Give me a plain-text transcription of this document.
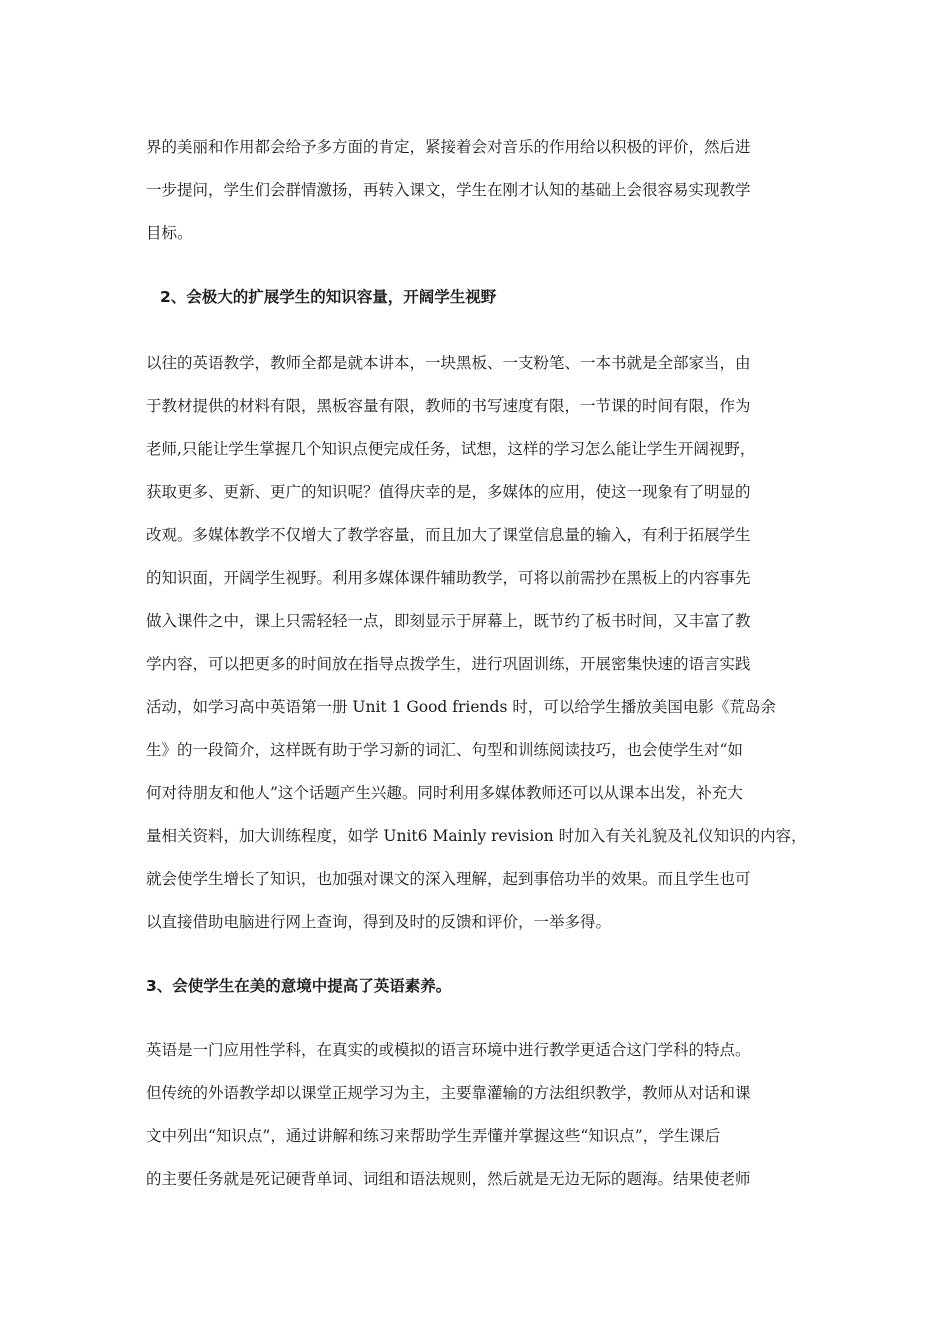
界的美丽和作用都会给予多方面的肯定，紧接着会对音乐的作用给以积极的评价，然后进
一步提问，学生们会群情激扬，再转入课文，学生在刚才认知的基础上会很容易实现教学
目标。

2、会极大的扩展学生的知识容量，开阔学生视野

以往的英语教学，教师全都是就本讲本，一块黑板、一支粉笔、一本书就是全部家当，由
于教材提供的材料有限，黑板容量有限，教师的书写速度有限，一节课的时间有限，作为
老师,只能让学生掌握几个知识点便完成任务，试想，这样的学习怎么能让学生开阔视野，
获取更多、更新、更广的知识呢？值得庆幸的是，多媒体的应用，使这一现象有了明显的
改观。多媒体教学不仅增大了教学容量，而且加大了课堂信息量的输入，有利于拓展学生
的知识面，开阔学生视野。利用多媒体课件辅助教学，可将以前需抄在黑板上的内容事先
做入课件之中，课上只需轻轻一点，即刻显示于屏幕上，既节约了板书时间，又丰富了教
学内容，可以把更多的时间放在指导点拨学生，进行巩固训练，开展密集快速的语言实践
活动，如学习高中英语第一册 Unit 1 Good friends 时，可以给学生播放美国电影《荒岛余
生》的一段简介，这样既有助于学习新的词汇、句型和训练阅读技巧，也会使学生对“如
何对待朋友和他人”这个话题产生兴趣。同时利用多媒体教师还可以从课本出发，补充大
量相关资料，加大训练程度，如学 Unit6 Mainly revision 时加入有关礼貌及礼仪知识的内容，
就会使学生增长了知识，也加强对课文的深入理解，起到事倍功半的效果。而且学生也可
以直接借助电脑进行网上查询，得到及时的反馈和评价，一举多得。

3、会使学生在美的意境中提高了英语素养。

英语是一门应用性学科，在真实的或模拟的语言环境中进行教学更适合这门学科的特点。
但传统的外语教学却以课堂正规学习为主，主要靠灌输的方法组织教学，教师从对话和课
文中列出“知识点”，通过讲解和练习来帮助学生弄懂并掌握这些“知识点”，学生课后
的主要任务就是死记硬背单词、词组和语法规则，然后就是无边无际的题海。结果使老师
